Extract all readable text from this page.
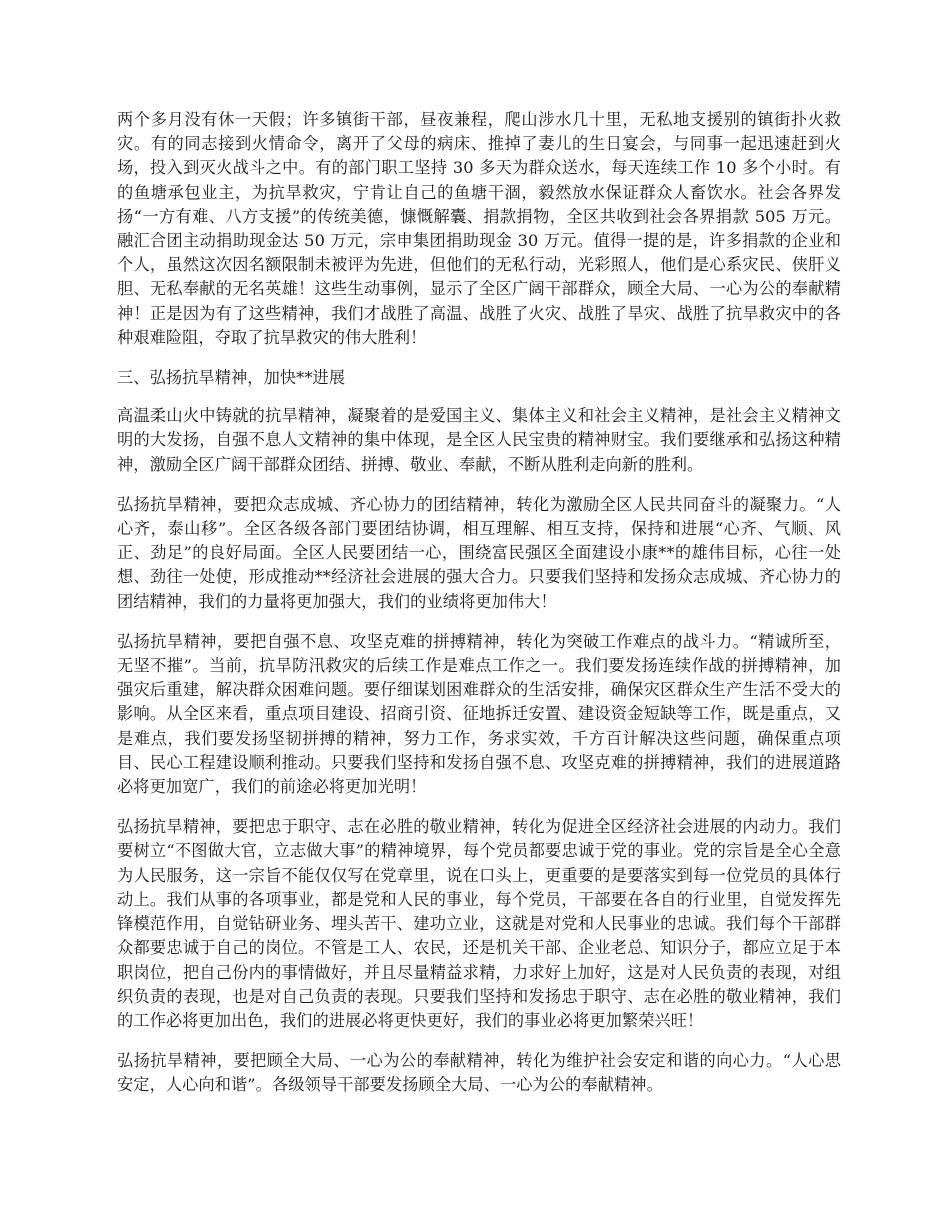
两个多月没有休一天假；许多镇街干部，昼夜兼程，爬山涉水几十里，无私地支援别的镇街扑火救灾。有的同志接到火情命令，离开了父母的病床、推掉了妻儿的生日宴会，与同事一起迅速赶到火场，投入到灭火战斗之中。有的部门职工坚持 30 多天为群众送水，每天连续工作 10 多个小时。有的鱼塘承包业主，为抗旱救灾，宁肯让自己的鱼塘干涸，毅然放水保证群众人畜饮水。社会各界发扬“一方有难、八方支援”的传统美德，慷慨解囊、捐款捐物，全区共收到社会各界捐款 505 万元。融汇合团主动捐助现金达 50 万元，宗申集团捐助现金 30 万元。值得一提的是，许多捐款的企业和个人，虽然这次因名额限制未被评为先进，但他们的无私行动，光彩照人，他们是心系灾民、侠肝义胆、无私奉献的无名英雄！这些生动事例，显示了全区广阔干部群众，顾全大局、一心为公的奉献精神！正是因为有了这些精神，我们才战胜了高温、战胜了火灾、战胜了旱灾、战胜了抗旱救灾中的各种艰难险阻，夺取了抗旱救灾的伟大胜利！

三、弘扬抗旱精神，加快**进展

高温柔山火中铸就的抗旱精神，凝聚着的是爱国主义、集体主义和社会主义精神，是社会主义精神文明的大发扬，自强不息人文精神的集中体现，是全区人民宝贵的精神财宝。我们要继承和弘扬这种精神，激励全区广阔干部群众团结、拼搏、敬业、奉献，不断从胜利走向新的胜利。

弘扬抗旱精神，要把众志成城、齐心协力的团结精神，转化为激励全区人民共同奋斗的凝聚力。“人心齐，泰山移”。全区各级各部门要团结协调，相互理解、相互支持，保持和进展“心齐、气顺、风正、劲足”的良好局面。全区人民要团结一心，围绕富民强区全面建设小康**的雄伟目标，心往一处想、劲往一处使，形成推动**经济社会进展的强大合力。只要我们坚持和发扬众志成城、齐心协力的团结精神，我们的力量将更加强大，我们的业绩将更加伟大！

弘扬抗旱精神，要把自强不息、攻坚克难的拼搏精神，转化为突破工作难点的战斗力。“精诚所至，无坚不摧”。当前，抗旱防汛救灾的后续工作是难点工作之一。我们要发扬连续作战的拼搏精神，加强灾后重建，解决群众困难问题。要仔细谋划困难群众的生活安排，确保灾区群众生产生活不受大的影响。从全区来看，重点项目建设、招商引资、征地拆迁安置、建设资金短缺等工作，既是重点，又是难点，我们要发扬坚韧拼搏的精神，努力工作，务求实效，千方百计解决这些问题，确保重点项目、民心工程建设顺利推动。只要我们坚持和发扬自强不息、攻坚克难的拼搏精神，我们的进展道路必将更加宽广，我们的前途必将更加光明！

弘扬抗旱精神，要把忠于职守、志在必胜的敬业精神，转化为促进全区经济社会进展的内动力。我们要树立“不图做大官，立志做大事”的精神境界，每个党员都要忠诚于党的事业。党的宗旨是全心全意为人民服务，这一宗旨不能仅仅写在党章里，说在口头上，更重要的是要落实到每一位党员的具体行动上。我们从事的各项事业，都是党和人民的事业，每个党员，干部要在各自的行业里，自觉发挥先锋模范作用，自觉钻研业务、埋头苦干、建功立业，这就是对党和人民事业的忠诚。我们每个干部群众都要忠诚于自己的岗位。不管是工人、农民，还是机关干部、企业老总、知识分子，都应立足于本职岗位，把自己份内的事情做好，并且尽量精益求精，力求好上加好，这是对人民负责的表现，对组织负责的表现，也是对自己负责的表现。只要我们坚持和发扬忠于职守、志在必胜的敬业精神，我们的工作必将更加出色，我们的进展必将更快更好，我们的事业必将更加繁荣兴旺！

弘扬抗旱精神，要把顾全大局、一心为公的奉献精神，转化为维护社会安定和谐的向心力。“人心思安定，人心向和谐”。各级领导干部要发扬顾全大局、一心为公的奉献精神。
